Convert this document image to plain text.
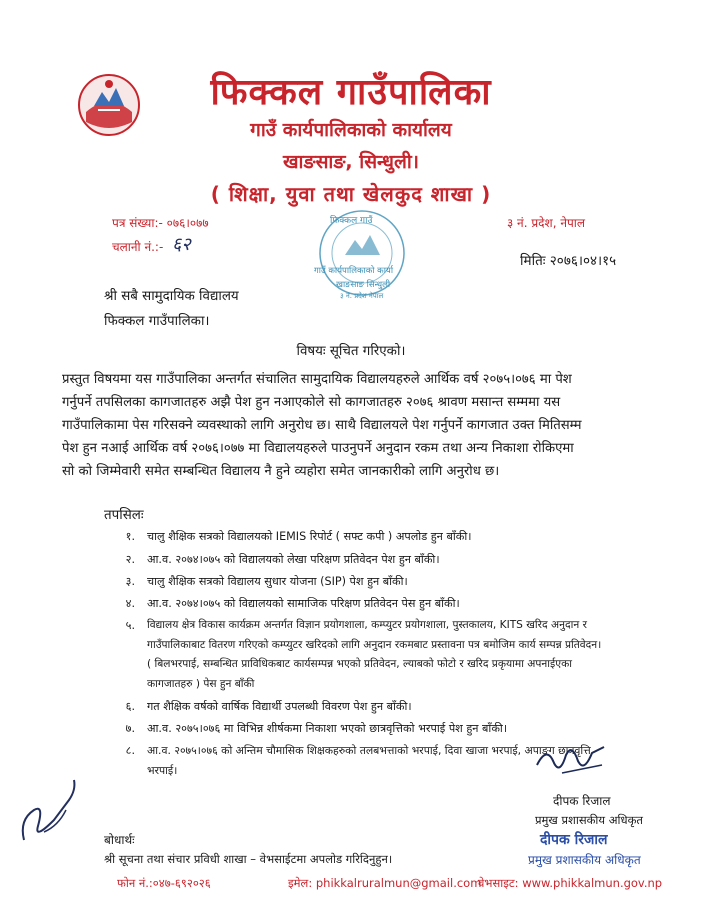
फिक्कल गाउँपालिका
गाउँ कार्यपालिकाको कार्यालय
खाङसाङ, सिन्धुली।
( शिक्षा, युवा तथा खेलकुद शाखा )
पत्र संख्या:- ०७६।०७७
चलानी नं.:- ६२
३ नं. प्रदेश, नेपाल
मितिः २०७६।०४।१५
फिक्कल गाउँ
गाउँ कार्यपालिकाको कार्या
खाङसाङ सिन्धुली
३ नं. प्रदेश नेपाल
श्री सबै सामुदायिक विद्यालय
फिक्कल गाउँपालिका।
विषयः सूचित गरिएको।
प्रस्तुत विषयमा यस गाउँपालिका अन्तर्गत संचालित सामुदायिक विद्यालयहरुले आर्थिक वर्ष २०७५।०७६ मा पेश
गर्नुपर्ने तपसिलका कागजातहरु अझै पेश हुन नआएकोले सो कागजातहरु २०७६ श्रावण मसान्त सम्ममा यस
गाउँपालिकामा पेस गरिसक्ने व्यवस्थाको लागि अनुरोध छ। साथै विद्यालयले पेश गर्नुपर्ने कागजात उक्त मितिसम्म
पेश हुन नआई आर्थिक वर्ष २०७६।०७७ मा विद्यालयहरुले पाउनुपर्ने अनुदान रकम तथा अन्य निकाशा रोकिएमा
सो को जिम्मेवारी समेत सम्बन्धित विद्यालय नै हुने व्यहोरा समेत जानकारीको लागि अनुरोध छ।
तपसिलः
१. चालु शैक्षिक सत्रको विद्यालयको IEMIS रिपोर्ट ( सफ्ट कपी ) अपलोड हुन बाँकी।
२. आ.व. २०७४।०७५ को विद्यालयको लेखा परिक्षण प्रतिवेदन पेश हुन बाँकी।
३. चालु शैक्षिक सत्रको विद्यालय सुधार योजना (SIP) पेश हुन बाँकी।
४. आ.व. २०७४।०७५ को विद्यालयको सामाजिक परिक्षण प्रतिवेदन पेस हुन बाँकी।
५. विद्यालय क्षेत्र विकास कार्यक्रम अन्तर्गत विज्ञान प्रयोगशाला, कम्प्युटर प्रयोगशाला, पुस्तकालय, KITS खरिद अनुदान र
गाउँपालिकाबाट वितरण गरिएको कम्प्युटर खरिदको लागि अनुदान रकमबाट प्रस्तावना पत्र बमोजिम कार्य सम्पन्न प्रतिवेदन।
( बिलभरपाई, सम्बन्धित प्राविधिकबाट कार्यसम्पन्न भएको प्रतिवेदन, ल्याबको फोटो र खरिद प्रकृयामा अपनाईएका
कागजातहरु ) पेस हुन बाँकी
६. गत शैक्षिक वर्षको वार्षिक विद्यार्थी उपलब्धी विवरण पेश हुन बाँकी।
७. आ.व. २०७५।०७६ मा विभिन्न शीर्षकमा निकाशा भएको छात्रवृत्तिको भरपाई पेश हुन बाँकी।
८. आ.व. २०७५।०७६ को अन्तिम चौमासिक शिक्षकहरुको तलबभत्ताको भरपाई, दिवा खाजा भरपाई, अपाङग छात्रवृत्ति
भरपाई।
दीपक रिजाल
प्रमुख प्रशासकीय अधिकृत
दीपक रिजाल
प्रमुख प्रशासकीय अधिकृत
बोधार्थः
श्री सूचना तथा संचार प्रविधी शाखा – वेभसाईटमा अपलोड गरिदिनुहुन।
फोन नं.:०४७-६९२०२६	इमेल: phikkalruralmun@gmail.com
वेभसाइट: www.phikkalmun.gov.np
